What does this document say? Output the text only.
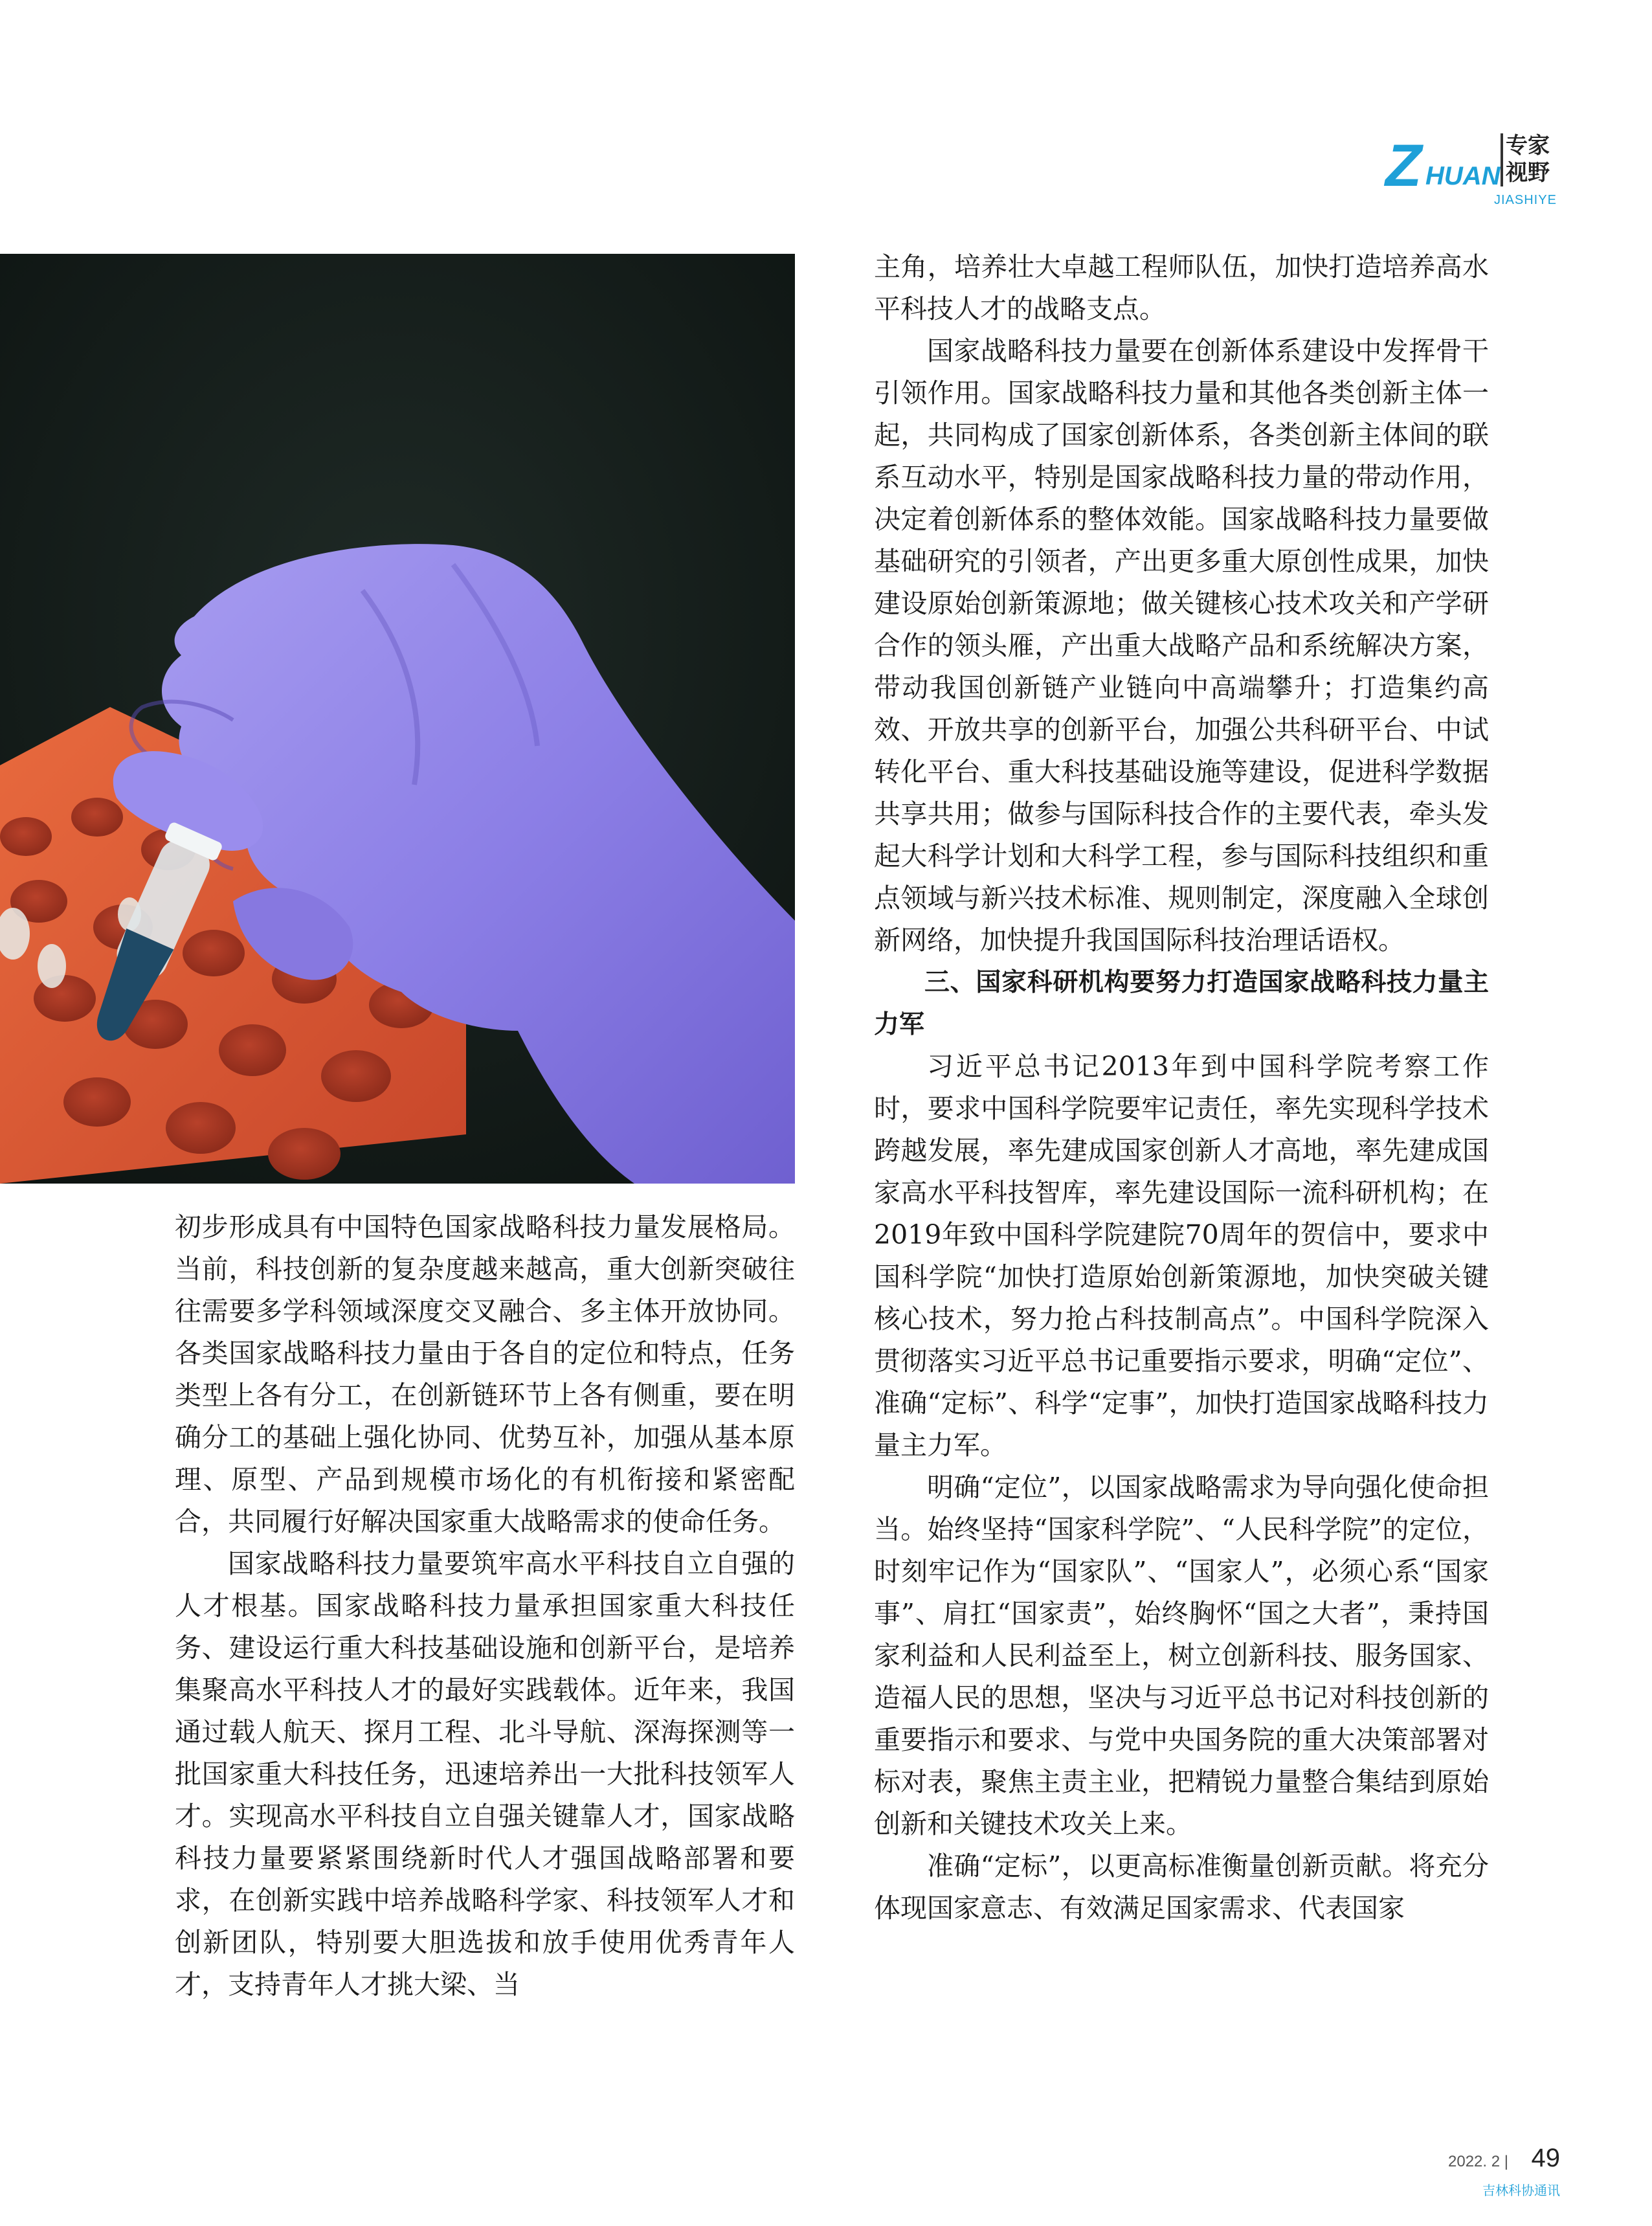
Z HUAN
专家
视野
JIASHIYE

主角，培养壮大卓越工程师队伍，加快打造培养高水平科技人才的战略支点。

国家战略科技力量要在创新体系建设中发挥骨干引领作用。国家战略科技力量和其他各类创新主体一起，共同构成了国家创新体系，各类创新主体间的联系互动水平，特别是国家战略科技力量的带动作用，决定着创新体系的整体效能。国家战略科技力量要做基础研究的引领者，产出更多重大原创性成果，加快建设原始创新策源地；做关键核心技术攻关和产学研合作的领头雁，产出重大战略产品和系统解决方案，带动我国创新链产业链向中高端攀升；打造集约高效、开放共享的创新平台，加强公共科研平台、中试转化平台、重大科技基础设施等建设，促进科学数据共享共用；做参与国际科技合作的主要代表，牵头发起大科学计划和大科学工程，参与国际科技组织和重点领域与新兴技术标准、规则制定，深度融入全球创新网络，加快提升我国国际科技治理话语权。

三、国家科研机构要努力打造国家战略科技力量主力军

习近平总书记2013年到中国科学院考察工作时，要求中国科学院要牢记责任，率先实现科学技术跨越发展，率先建成国家创新人才高地，率先建成国家高水平科技智库，率先建设国际一流科研机构；在2019年致中国科学院建院70周年的贺信中，要求中国科学院“加快打造原始创新策源地，加快突破关键核心技术，努力抢占科技制高点”。中国科学院深入贯彻落实习近平总书记重要指示要求，明确“定位”、准确“定标”、科学“定事”，加快打造国家战略科技力量主力军。

明确“定位”，以国家战略需求为导向强化使命担当。始终坚持“国家科学院”、“人民科学院”的定位，时刻牢记作为“国家队”、“国家人”，必须心系“国家事”、肩扛“国家责”，始终胸怀“国之大者”，秉持国家利益和人民利益至上，树立创新科技、服务国家、造福人民的思想，坚决与习近平总书记对科技创新的重要指示和要求、与党中央国务院的重大决策部署对标对表，聚焦主责主业，把精锐力量整合集结到原始创新和关键技术攻关上来。

准确“定标”，以更高标准衡量创新贡献。将充分体现国家意志、有效满足国家需求、代表国家

初步形成具有中国特色国家战略科技力量发展格局。当前，科技创新的复杂度越来越高，重大创新突破往往需要多学科领域深度交叉融合、多主体开放协同。各类国家战略科技力量由于各自的定位和特点，任务类型上各有分工，在创新链环节上各有侧重，要在明确分工的基础上强化协同、优势互补，加强从基本原理、原型、产品到规模市场化的有机衔接和紧密配合，共同履行好解决国家重大战略需求的使命任务。

国家战略科技力量要筑牢高水平科技自立自强的人才根基。国家战略科技力量承担国家重大科技任务、建设运行重大科技基础设施和创新平台，是培养集聚高水平科技人才的最好实践载体。近年来，我国通过载人航天、探月工程、北斗导航、深海探测等一批国家重大科技任务，迅速培养出一大批科技领军人才。实现高水平科技自立自强关键靠人才，国家战略科技力量要紧紧围绕新时代人才强国战略部署和要求，在创新实践中培养战略科学家、科技领军人才和创新团队，特别要大胆选拔和放手使用优秀青年人才，支持青年人才挑大梁、当

2022. 2 | 49
吉林科协通讯
